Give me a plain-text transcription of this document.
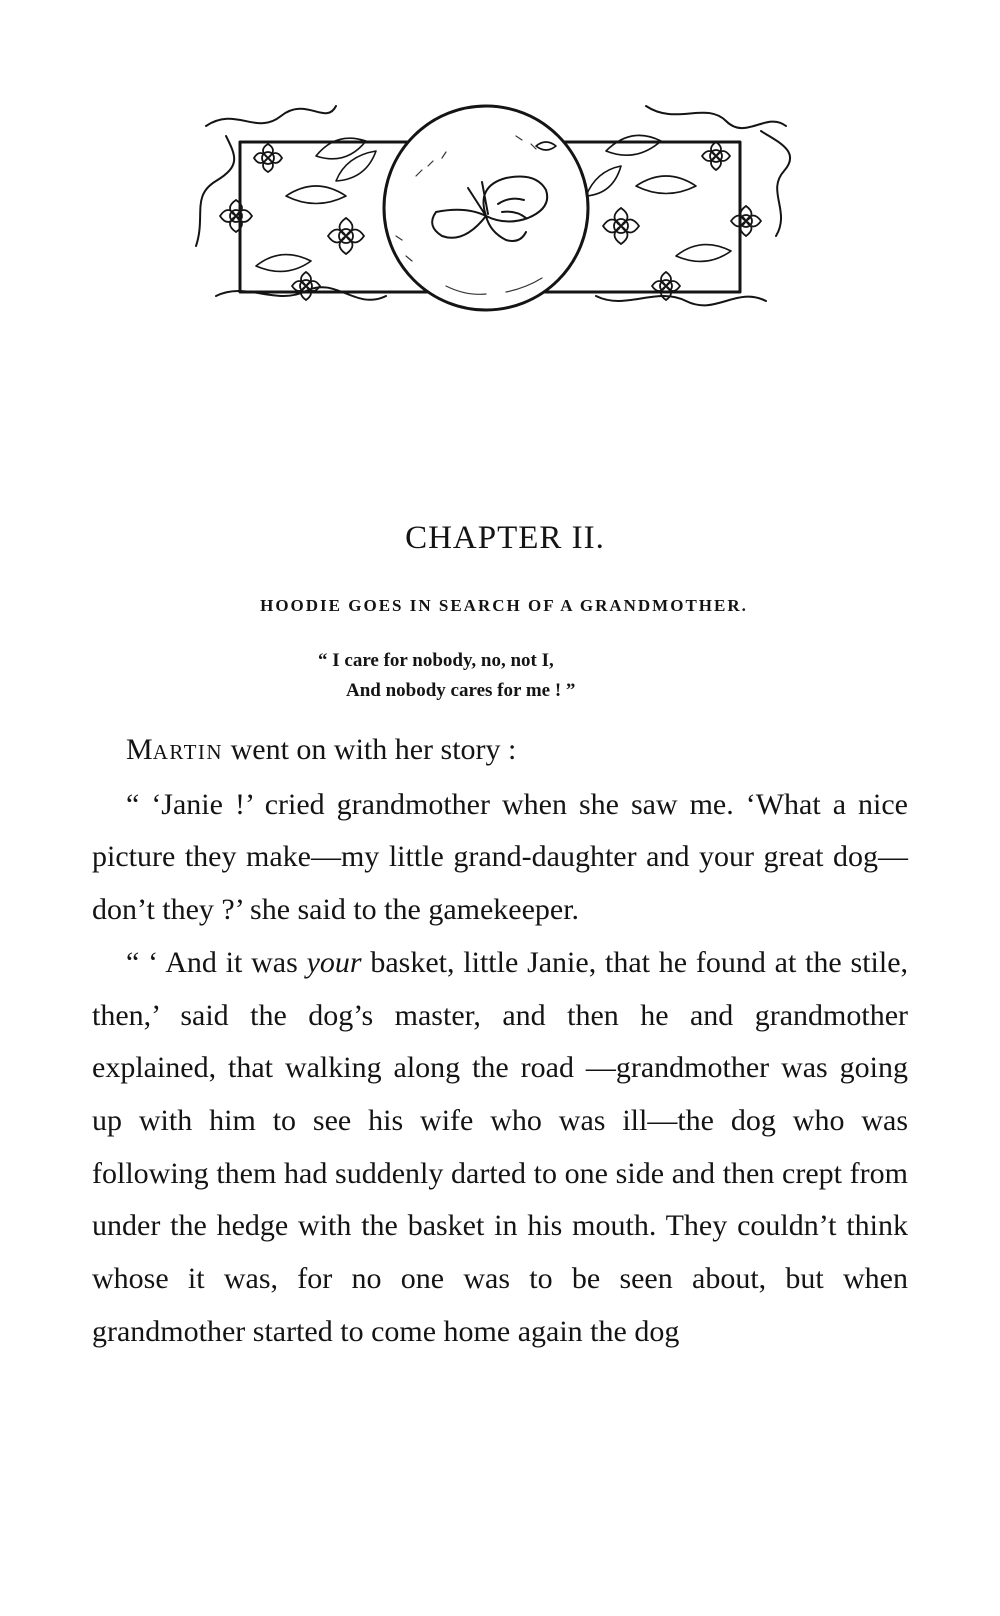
CHAPTER II.
HOODIE GOES IN SEARCH OF A GRANDMOTHER.
“ I care for nobody, no, not I,
And nobody cares for me ! ”

MARTIN went on with her story :

“ ‘Janie !’ cried grandmother when she saw me. ‘What a nice picture they make—my little grand-daughter and your great dog—don’t they ?’ she said to the gamekeeper.

“ ‘ And it was your basket, little Janie, that he found at the stile, then,’ said the dog’s master, and then he and grandmother explained, that walking along the road —grandmother was going up with him to see his wife who was ill—the dog who was following them had suddenly darted to one side and then crept from under the hedge with the basket in his mouth. They couldn’t think whose it was, for no one was to be seen about, but when grandmother started to come home again the dog
